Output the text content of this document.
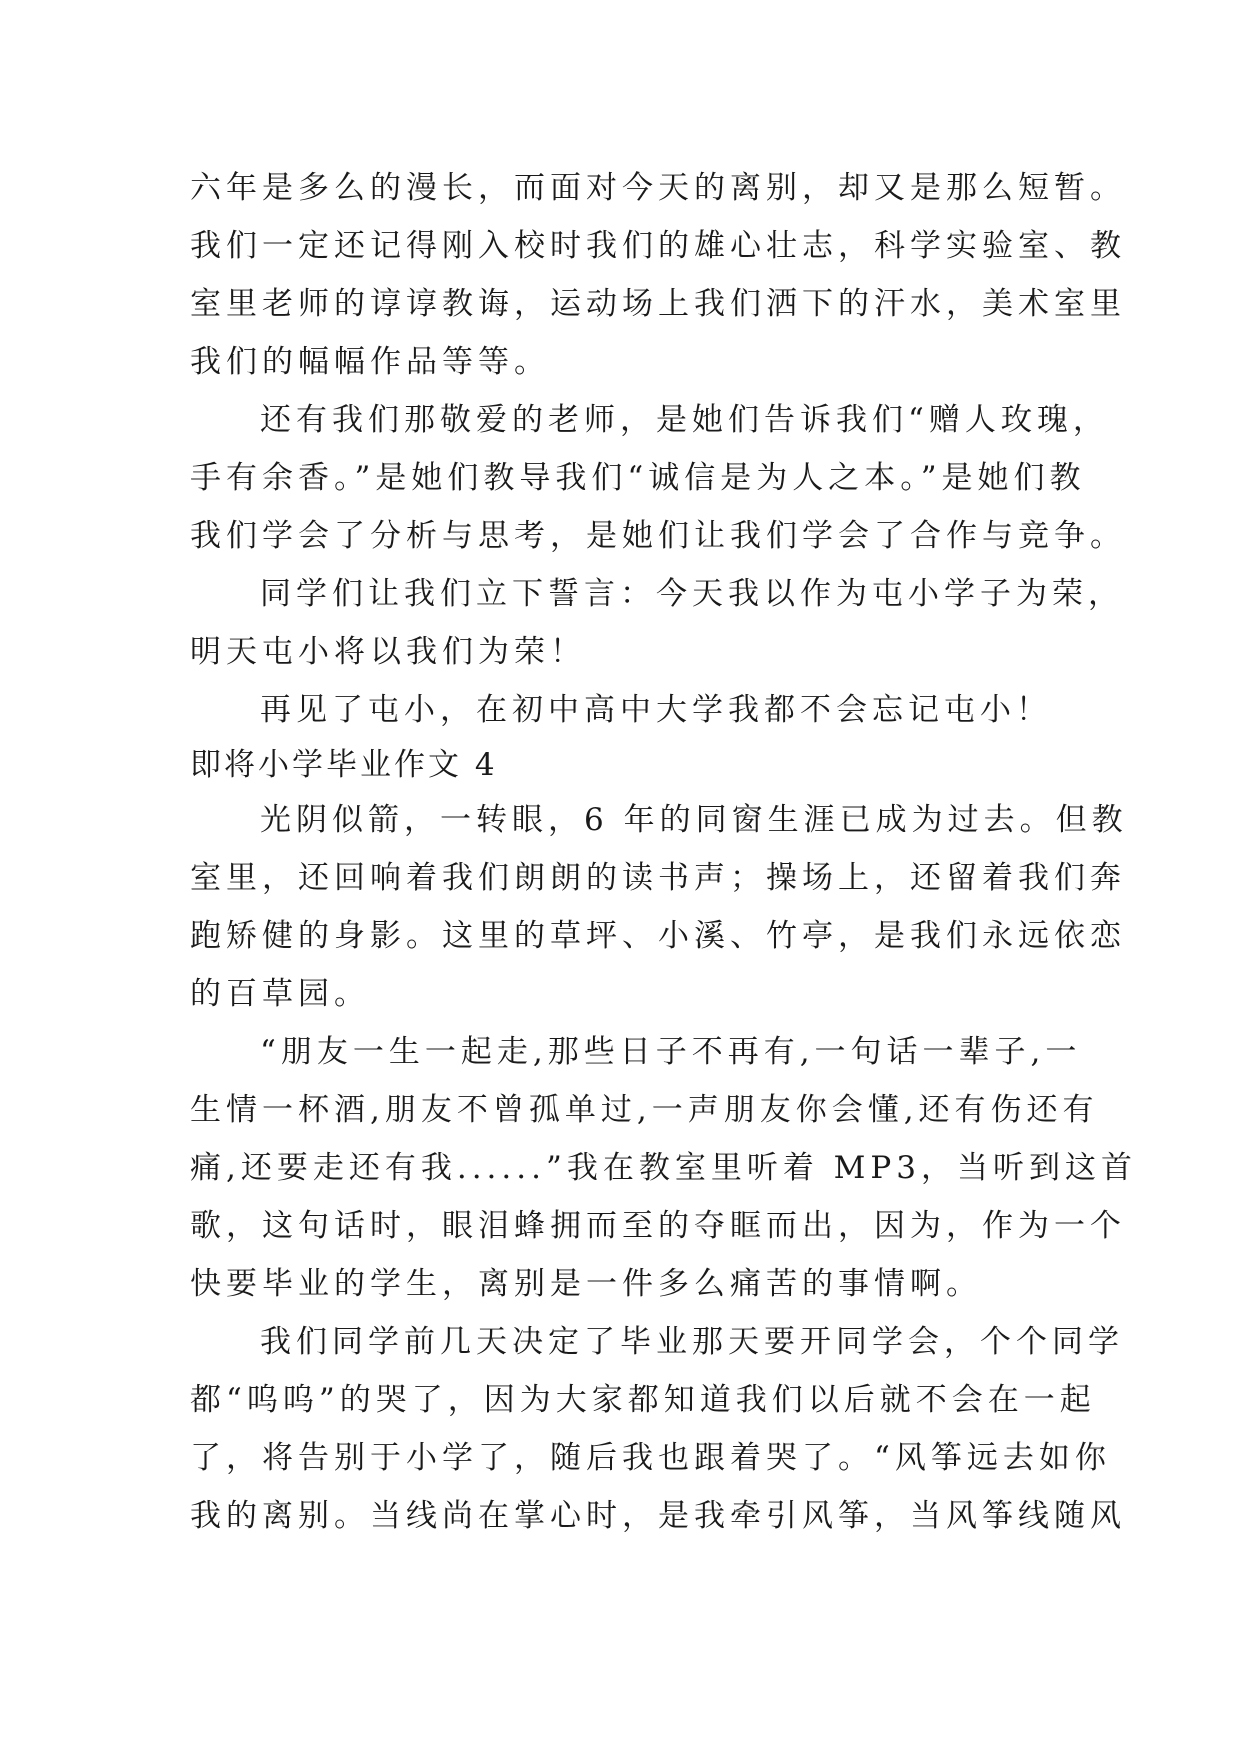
六年是多么的漫长，而面对今天的离别，却又是那么短暂。
我们一定还记得刚入校时我们的雄心壮志，科学实验室、教
室里老师的谆谆教诲，运动场上我们洒下的汗水，美术室里
我们的幅幅作品等等。
还有我们那敬爱的老师，是她们告诉我们“赠人玫瑰，
手有余香。”是她们教导我们“诚信是为人之本。”是她们教
我们学会了分析与思考，是她们让我们学会了合作与竞争。
同学们让我们立下誓言：今天我以作为屯小学子为荣，
明天屯小将以我们为荣！
再见了屯小，在初中高中大学我都不会忘记屯小！
即将小学毕业作文 4
光阴似箭，一转眼，6 年的同窗生涯已成为过去。但教
室里，还回响着我们朗朗的读书声；操场上，还留着我们奔
跑矫健的身影。这里的草坪、小溪、竹亭，是我们永远依恋
的百草园。
“朋友一生一起走,那些日子不再有,一句话一辈子,一
生情一杯酒,朋友不曾孤单过,一声朋友你会懂,还有伤还有
痛,还要走还有我......”我在教室里听着 MP3，当听到这首
歌，这句话时，眼泪蜂拥而至的夺眶而出，因为，作为一个
快要毕业的学生，离别是一件多么痛苦的事情啊。
我们同学前几天决定了毕业那天要开同学会，个个同学
都“呜呜”的哭了，因为大家都知道我们以后就不会在一起
了，将告别于小学了，随后我也跟着哭了。“风筝远去如你
我的离别。当线尚在掌心时，是我牵引风筝，当风筝线随风
